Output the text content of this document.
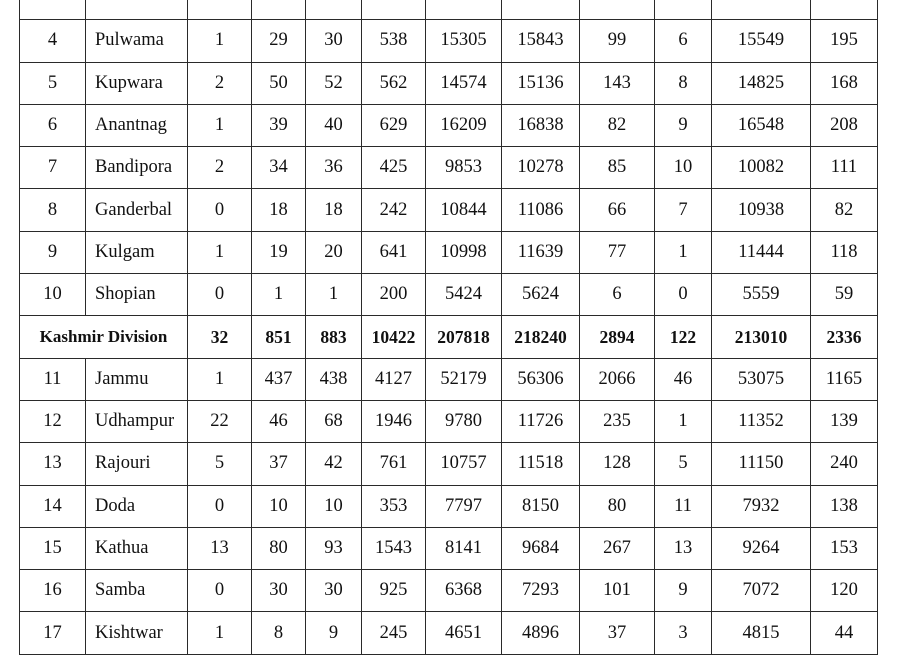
4	Pulwama	1	29	30	538	15305	15843	99	6	15549	195
5	Kupwara	2	50	52	562	14574	15136	143	8	14825	168
6	Anantnag	1	39	40	629	16209	16838	82	9	16548	208
7	Bandipora	2	34	36	425	9853	10278	85	10	10082	111
8	Ganderbal	0	18	18	242	10844	11086	66	7	10938	82
9	Kulgam	1	19	20	641	10998	11639	77	1	11444	118
10	Shopian	0	1	1	200	5424	5624	6	0	5559	59
Kashmir Division		32	851	883	10422	207818	218240	2894	122	213010	2336
11	Jammu	1	437	438	4127	52179	56306	2066	46	53075	1165
12	Udhampur	22	46	68	1946	9780	11726	235	1	11352	139
13	Rajouri	5	37	42	761	10757	11518	128	5	11150	240
14	Doda	0	10	10	353	7797	8150	80	11	7932	138
15	Kathua	13	80	93	1543	8141	9684	267	13	9264	153
16	Samba	0	30	30	925	6368	7293	101	9	7072	120
17	Kishtwar	1	8	9	245	4651	4896	37	3	4815	44
